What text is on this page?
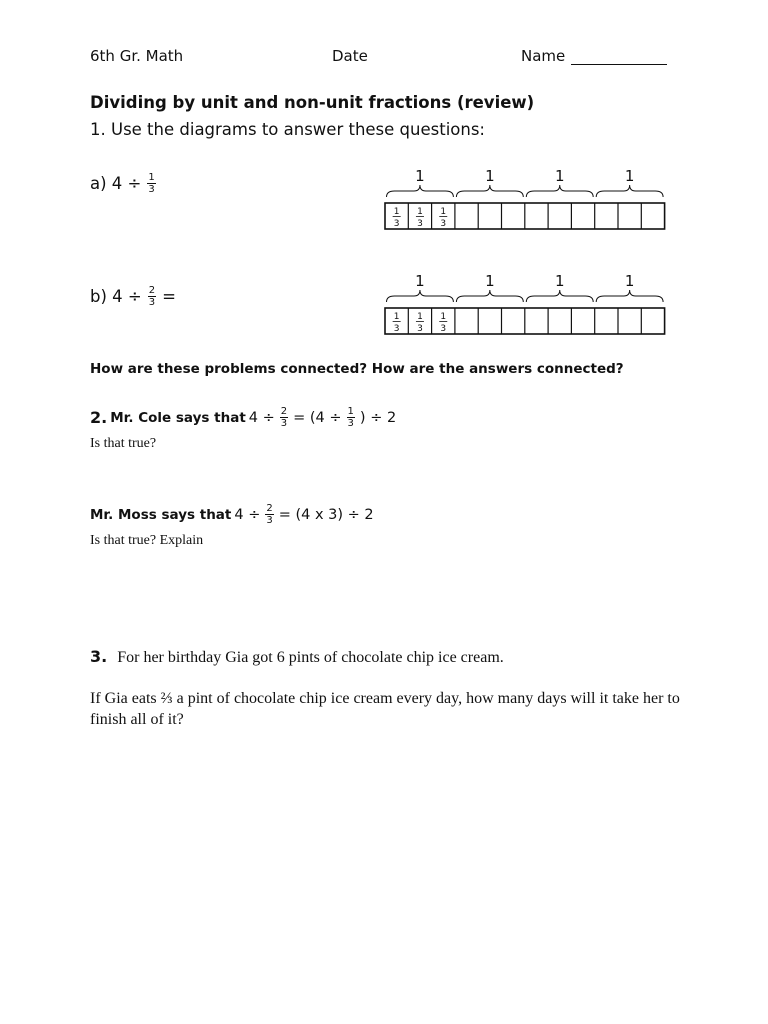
6th Gr. Math	Date	Name
Dividing by unit and non-unit fractions (review)
1. Use the diagrams to answer these questions:
a) $4 \div \frac{1}{3}$
b) $4 \div \frac{2}{3}$ =
1
3
1
3
1
3
1	1	1	1
1
3
1
3
1
3
1	1	1	1
How are these problems connected? How are the answers connected?
2. Mr. Cole says that $4 \div \frac{2}{3} = (4 \div \frac{1}{3}$ ) ÷ 2
Is that true?
Mr. Moss says that $4 \div \frac{2}{3} = (4$ x 3) ÷ 2
Is that true? Explain
3. For her birthday Gia got 6 pints of chocolate chip ice cream.
If Gia eats ⅔ a pint of chocolate chip ice cream every day, how many days will it take her to finish all of it?
